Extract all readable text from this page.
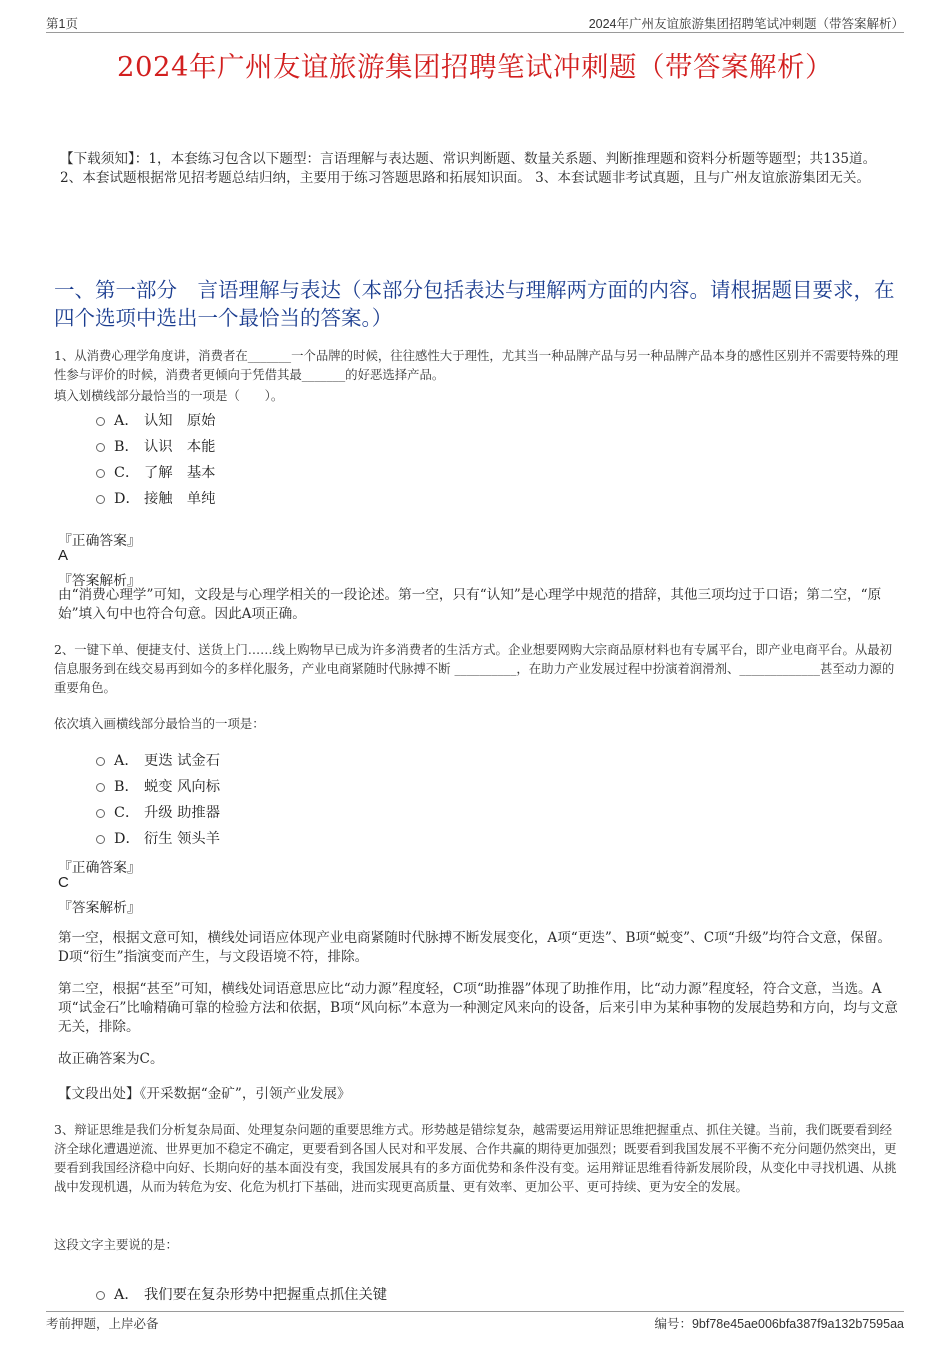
第1页	2024年广州友谊旅游集团招聘笔试冲刺题（带答案解析）
2024年广州友谊旅游集团招聘笔试冲刺题（带答案解析）
【下载须知】：1，本套练习包含以下题型：言语理解与表达题、常识判断题、数量关系题、判断推理题和资料分析题等题型；共135道。 2、本套试题根据常见招考题总结归纳，主要用于练习答题思路和拓展知识面。 3、本套试题非考试真题，且与广州友谊旅游集团无关。
一、第一部分　言语理解与表达（本部分包括表达与理解两方面的内容。请根据题目要求，在四个选项中选出一个最恰当的答案。）
1、从消费心理学角度讲，消费者在_______一个品牌的时候，往往感性大于理性，尤其当一种品牌产品与另一种品牌产品本身的感性区别并不需要特殊的理性参与评价的时候，消费者更倾向于凭借其最_______的好恶选择产品。
填入划横线部分最恰当的一项是（　　）。
A． 认知　原始
B． 认识　本能
C． 了解　基本
D． 接触　单纯
『正确答案』
A
『答案解析』
由“消费心理学”可知，文段是与心理学相关的一段论述。第一空，只有“认知”是心理学中规范的措辞，其他三项均过于口语；第二空，“原始”填入句中也符合句意。因此A项正确。
2、一键下单、便捷支付、送货上门……线上购物早已成为许多消费者的生活方式。企业想要网购大宗商品原材料也有专属平台，即产业电商平台。从最初信息服务到在线交易再到如今的多样化服务，产业电商紧随时代脉搏不断 __________，在助力产业发展过程中扮演着润滑剂、_____________甚至动力源的重要角色。
依次填入画横线部分最恰当的一项是：
A． 更迭 试金石
B． 蜕变 风向标
C． 升级 助推器
D． 衍生 领头羊
『正确答案』
C
『答案解析』
第一空，根据文意可知，横线处词语应体现产业电商紧随时代脉搏不断发展变化，A项“更迭”、B项“蜕变”、C项“升级”均符合文意，保留。D项“衍生”指演变而产生，与文段语境不符，排除。
第二空，根据“甚至”可知，横线处词语意思应比“动力源”程度轻，C项“助推器”体现了助推作用，比“动力源”程度轻，符合文意，当选。A项“试金石”比喻精确可靠的检验方法和依据，B项“风向标”本意为一种测定风来向的设备，后来引申为某种事物的发展趋势和方向，均与文意无关，排除。
故正确答案为C。
【文段出处】《开采数据“金矿”，引领产业发展》
3、辩证思维是我们分析复杂局面、处理复杂问题的重要思维方式。形势越是错综复杂，越需要运用辩证思维把握重点、抓住关键。当前，我们既要看到经济全球化遭遇逆流、世界更加不稳定不确定，更要看到各国人民对和平发展、合作共赢的期待更加强烈；既要看到我国发展不平衡不充分问题仍然突出，更要看到我国经济稳中向好、长期向好的基本面没有变，我国发展具有的多方面优势和条件没有变。运用辩证思维看待新发展阶段，从变化中寻找机遇、从挑战中发现机遇，从而为转危为安、化危为机打下基础，进而实现更高质量、更有效率、更加公平、更可持续、更为安全的发展。
这段文字主要说的是：
A． 我们要在复杂形势中把握重点抓住关键
考前押题，上岸必备	编号：9bf78e45ae006bfa387f9a132b7595aa
